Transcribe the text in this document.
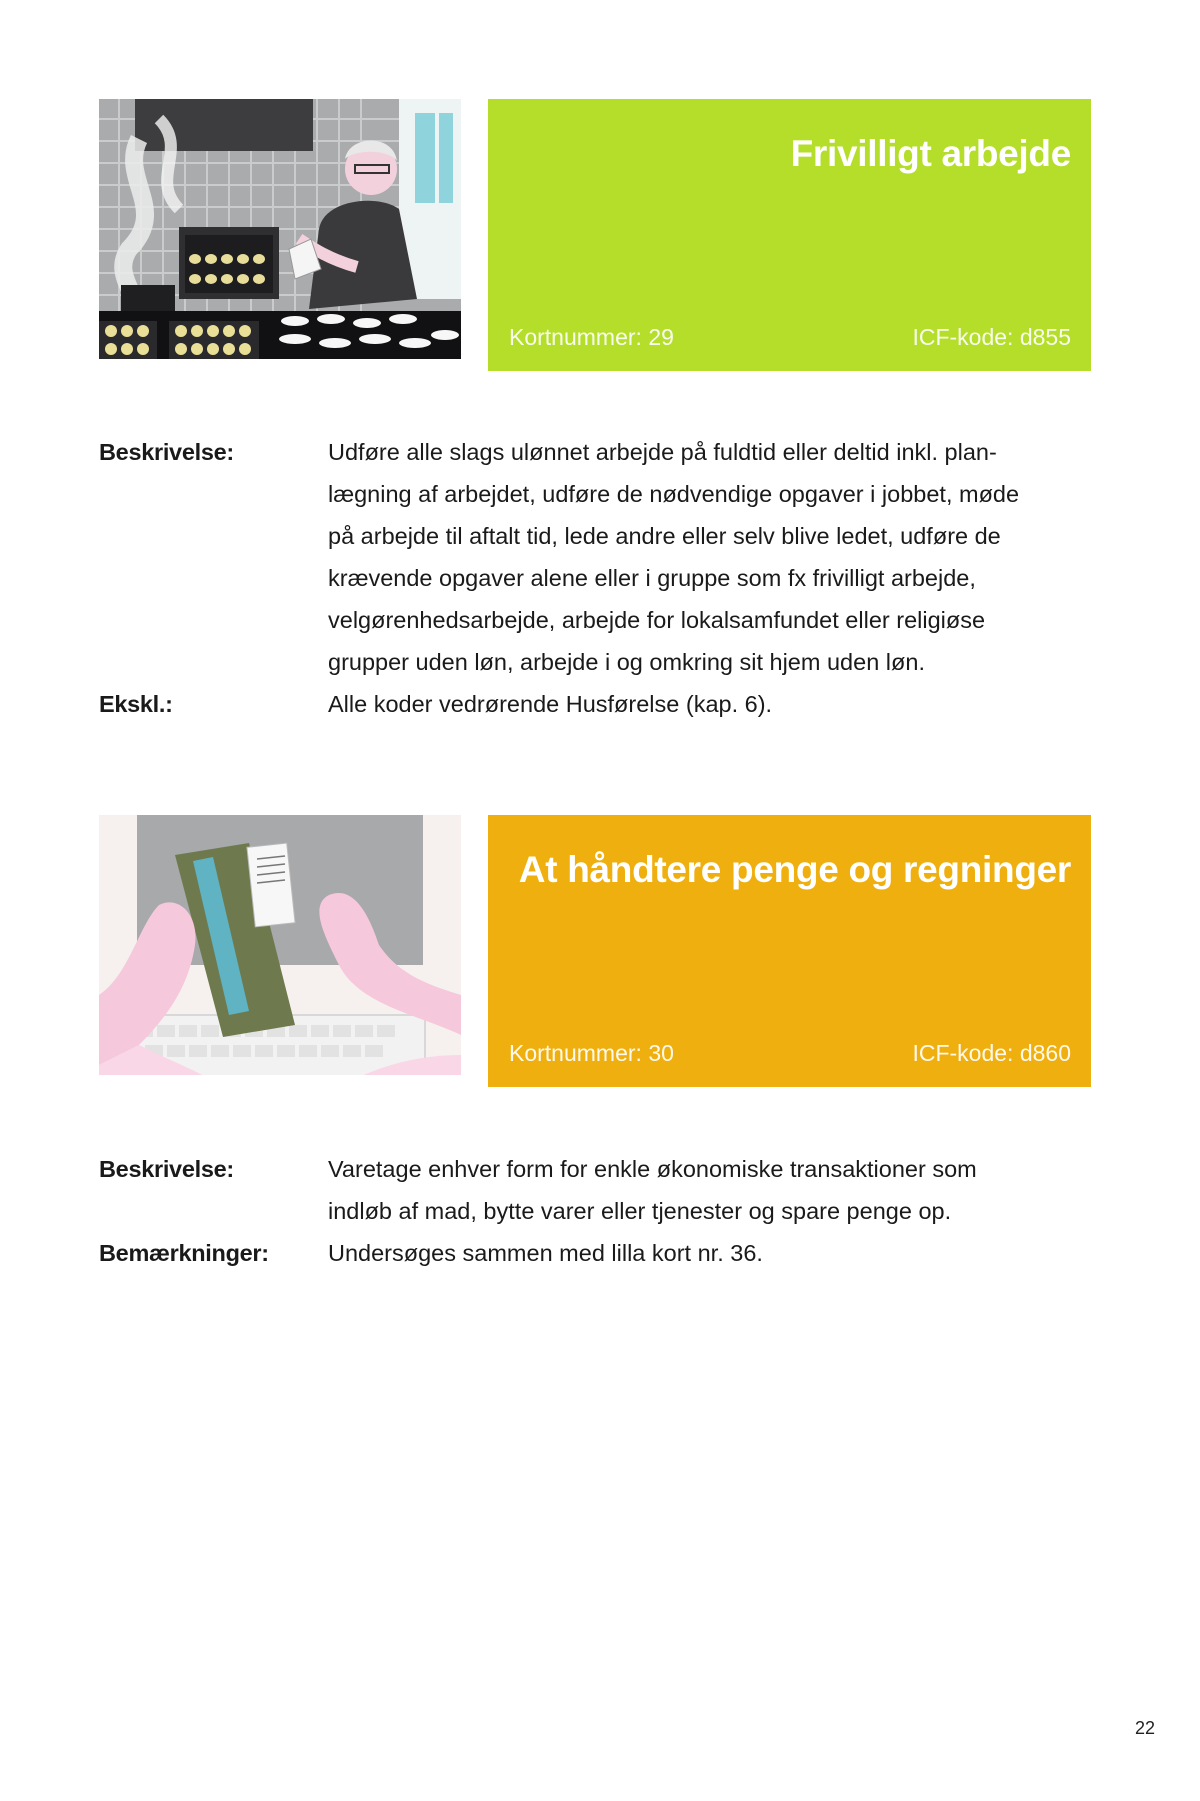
Frivilligt arbejde
Kortnummer: 29	ICF-kode: d855
Beskrivelse:	Udføre alle slags ulønnet arbejde på fuldtid eller deltid inkl. plan-
lægning af arbejdet, udføre de nødvendige opgaver i jobbet, møde
på arbejde til aftalt tid, lede andre eller selv blive ledet, udføre de
krævende opgaver alene eller i gruppe som fx frivilligt arbejde,
velgørenhedsarbejde, arbejde for lokalsamfundet eller religiøse
grupper uden løn, arbejde i og omkring sit hjem uden løn.
Ekskl.:	Alle koder vedrørende Husførelse (kap. 6).
At håndtere penge og regninger
Kortnummer: 30	ICF-kode: d860
Beskrivelse:	Varetage enhver form for enkle økonomiske transaktioner som
indløb af mad, bytte varer eller tjenester og spare penge op.
Bemærkninger:	Undersøges sammen med lilla kort nr. 36.
22
